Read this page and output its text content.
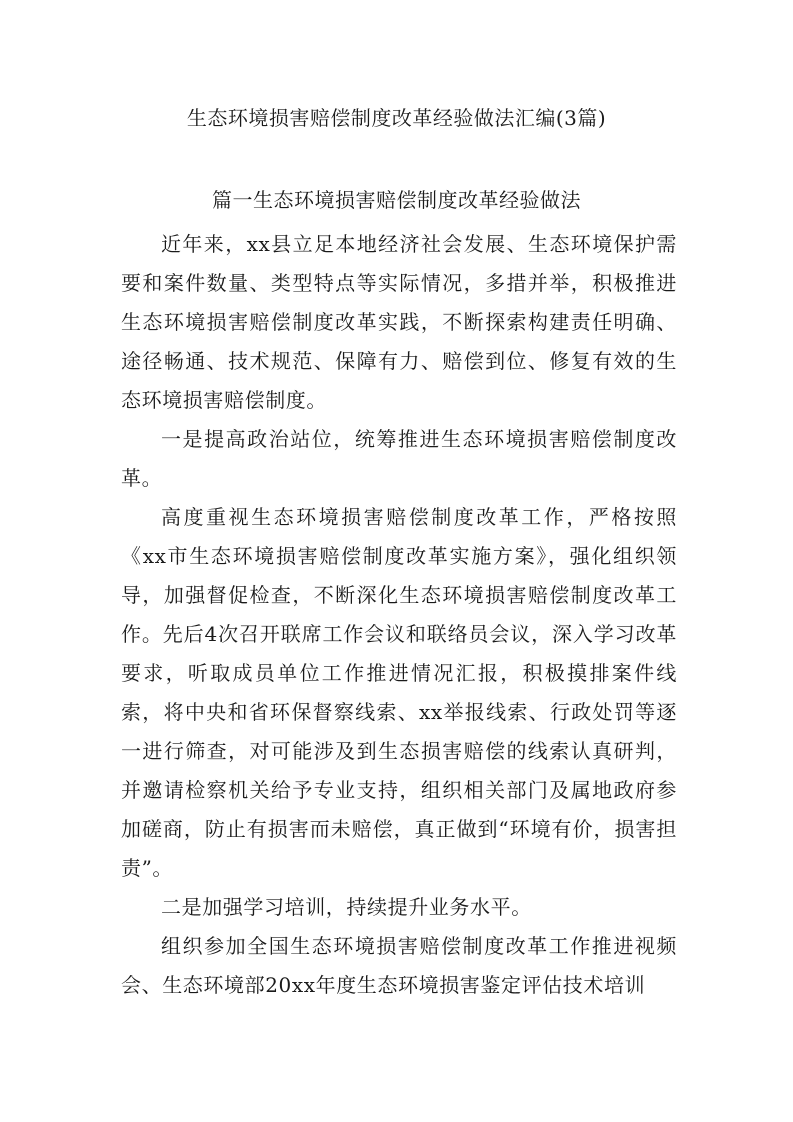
生态环境损害赔偿制度改革经验做法汇编(3篇)
篇一生态环境损害赔偿制度改革经验做法

近年来，xx县立足本地经济社会发展、生态环境保护需要和案件数量、类型特点等实际情况，多措并举，积极推进生态环境损害赔偿制度改革实践，不断探索构建责任明确、途径畅通、技术规范、保障有力、赔偿到位、修复有效的生态环境损害赔偿制度。

一是提高政治站位，统筹推进生态环境损害赔偿制度改革。

高度重视生态环境损害赔偿制度改革工作，严格按照《xx市生态环境损害赔偿制度改革实施方案》，强化组织领导，加强督促检查，不断深化生态环境损害赔偿制度改革工作。先后4次召开联席工作会议和联络员会议，深入学习改革要求，听取成员单位工作推进情况汇报，积极摸排案件线索，将中央和省环保督察线索、xx举报线索、行政处罚等逐一进行筛查，对可能涉及到生态损害赔偿的线索认真研判，并邀请检察机关给予专业支持，组织相关部门及属地政府参加磋商，防止有损害而未赔偿，真正做到“环境有价，损害担责”。

二是加强学习培训，持续提升业务水平。

组织参加全国生态环境损害赔偿制度改革工作推进视频会、生态环境部20xx年度生态环境损害鉴定评估技术培训
